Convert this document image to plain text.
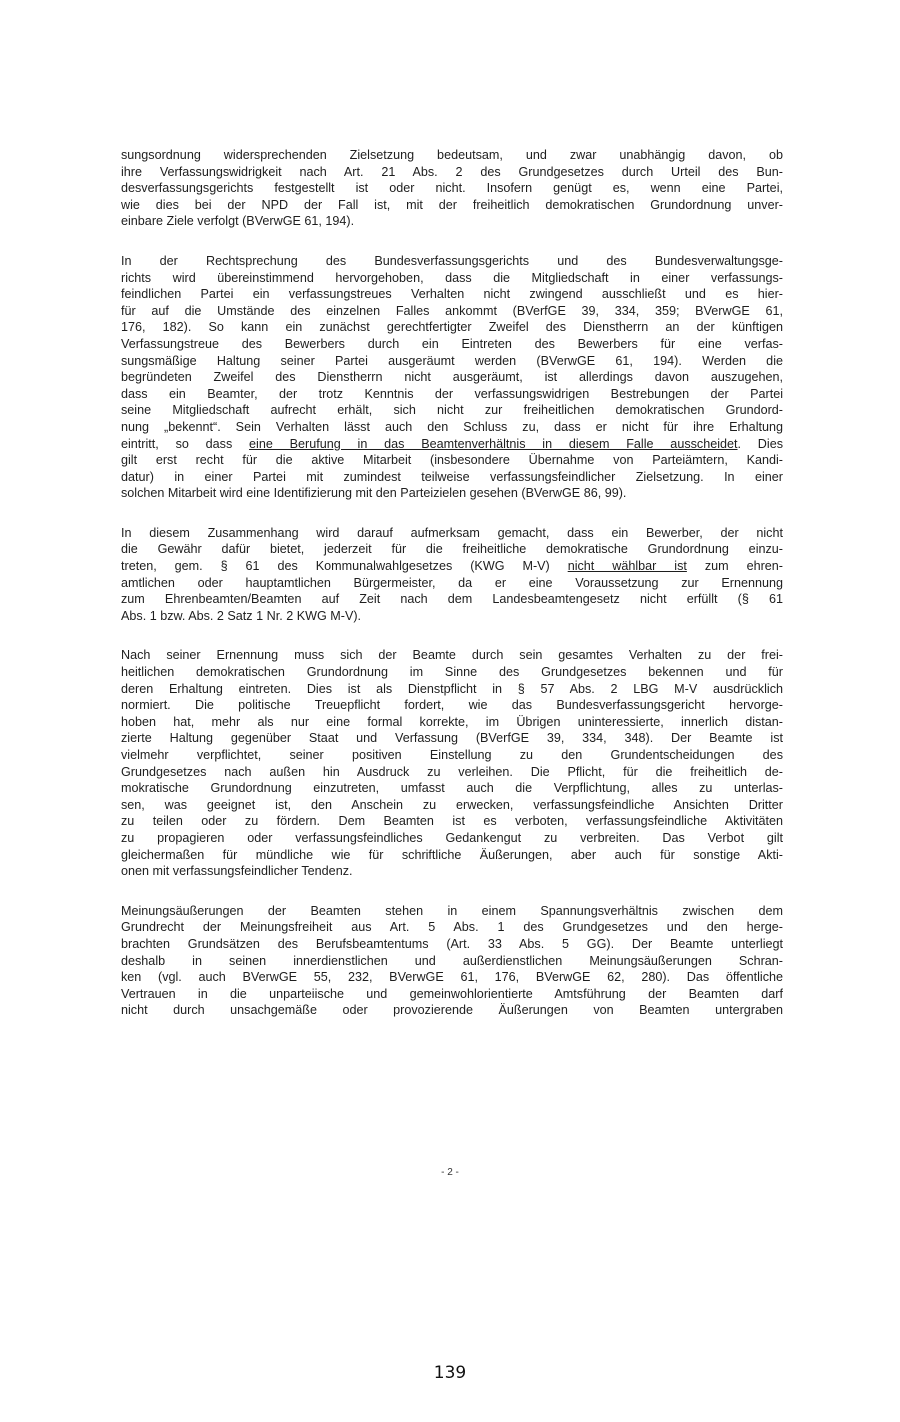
sungsordnung widersprechenden Zielsetzung bedeutsam, und zwar unabhängig davon, ob
ihre Verfassungswidrigkeit nach Art. 21 Abs. 2 des Grundgesetzes durch Urteil des Bun-
desverfassungsgerichts festgestellt ist oder nicht. Insofern genügt es, wenn eine Partei,
wie dies bei der NPD der Fall ist, mit der freiheitlich demokratischen Grundordnung unver-
einbare Ziele verfolgt (BVerwGE 61, 194).

In der Rechtsprechung des Bundesverfassungsgerichts und des Bundesverwaltungsge-
richts wird übereinstimmend hervorgehoben, dass die Mitgliedschaft in einer verfassungs-
feindlichen Partei ein verfassungstreues Verhalten nicht zwingend ausschließt und es hier-
für auf die Umstände des einzelnen Falles ankommt (BVerfGE 39, 334, 359; BVerwGE 61,
176, 182). So kann ein zunächst gerechtfertigter Zweifel des Dienstherrn an der künftigen
Verfassungstreue des Bewerbers durch ein Eintreten des Bewerbers für eine verfas-
sungsmäßige Haltung seiner Partei ausgeräumt werden (BVerwGE 61, 194). Werden die
begründeten Zweifel des Dienstherrn nicht ausgeräumt, ist allerdings davon auszugehen,
dass ein Beamter, der trotz Kenntnis der verfassungswidrigen Bestrebungen der Partei
seine Mitgliedschaft aufrecht erhält, sich nicht zur freiheitlichen demokratischen Grundord-
nung „bekennt“. Sein Verhalten lässt auch den Schluss zu, dass er nicht für ihre Erhaltung
eintritt, so dass eine Berufung in das Beamtenverhältnis in diesem Falle ausscheidet. Dies
gilt erst recht für die aktive Mitarbeit (insbesondere Übernahme von Parteiämtern, Kandi-
datur) in einer Partei mit zumindest teilweise verfassungsfeindlicher Zielsetzung. In einer
solchen Mitarbeit wird eine Identifizierung mit den Parteizielen gesehen (BVerwGE 86, 99).

In diesem Zusammenhang wird darauf aufmerksam gemacht, dass ein Bewerber, der nicht
die Gewähr dafür bietet, jederzeit für die freiheitliche demokratische Grundordnung einzu-
treten, gem. § 61 des Kommunalwahlgesetzes (KWG M-V) nicht wählbar ist zum ehren-
amtlichen oder hauptamtlichen Bürgermeister, da er eine Voraussetzung zur Ernennung
zum Ehrenbeamten/Beamten auf Zeit nach dem Landesbeamtengesetz nicht erfüllt (§ 61
Abs. 1 bzw. Abs. 2 Satz 1 Nr. 2 KWG M-V).

Nach seiner Ernennung muss sich der Beamte durch sein gesamtes Verhalten zu der frei-
heitlichen demokratischen Grundordnung im Sinne des Grundgesetzes bekennen und für
deren Erhaltung eintreten. Dies ist als Dienstpflicht in § 57 Abs. 2 LBG M-V ausdrücklich
normiert. Die politische Treuepflicht fordert, wie das Bundesverfassungsgericht hervorge-
hoben hat, mehr als nur eine formal korrekte, im Übrigen uninteressierte, innerlich distan-
zierte Haltung gegenüber Staat und Verfassung (BVerfGE 39, 334, 348). Der Beamte ist
vielmehr verpflichtet, seiner positiven Einstellung zu den Grundentscheidungen des
Grundgesetzes nach außen hin Ausdruck zu verleihen. Die Pflicht, für die freiheitlich de-
mokratische Grundordnung einzutreten, umfasst auch die Verpflichtung, alles zu unterlas-
sen, was geeignet ist, den Anschein zu erwecken, verfassungsfeindliche Ansichten Dritter
zu teilen oder zu fördern. Dem Beamten ist es verboten, verfassungsfeindliche Aktivitäten
zu propagieren oder verfassungsfeindliches Gedankengut zu verbreiten. Das Verbot gilt
gleichermaßen für mündliche wie für schriftliche Äußerungen, aber auch für sonstige Akti-
onen mit verfassungsfeindlicher Tendenz.

Meinungsäußerungen der Beamten stehen in einem Spannungsverhältnis zwischen dem
Grundrecht der Meinungsfreiheit aus Art. 5 Abs. 1 des Grundgesetzes und den herge-
brachten Grundsätzen des Berufsbeamtentums (Art. 33 Abs. 5 GG). Der Beamte unterliegt
deshalb in seinen innerdienstlichen und außerdienstlichen Meinungsäußerungen Schran-
ken (vgl. auch BVerwGE 55, 232, BVerwGE 61, 176, BVerwGE 62, 280). Das öffentliche
Vertrauen in die unparteiische und gemeinwohlorientierte Amtsführung der Beamten darf
nicht durch unsachgemäße oder provozierende Äußerungen von Beamten untergraben

- 2 -
139
